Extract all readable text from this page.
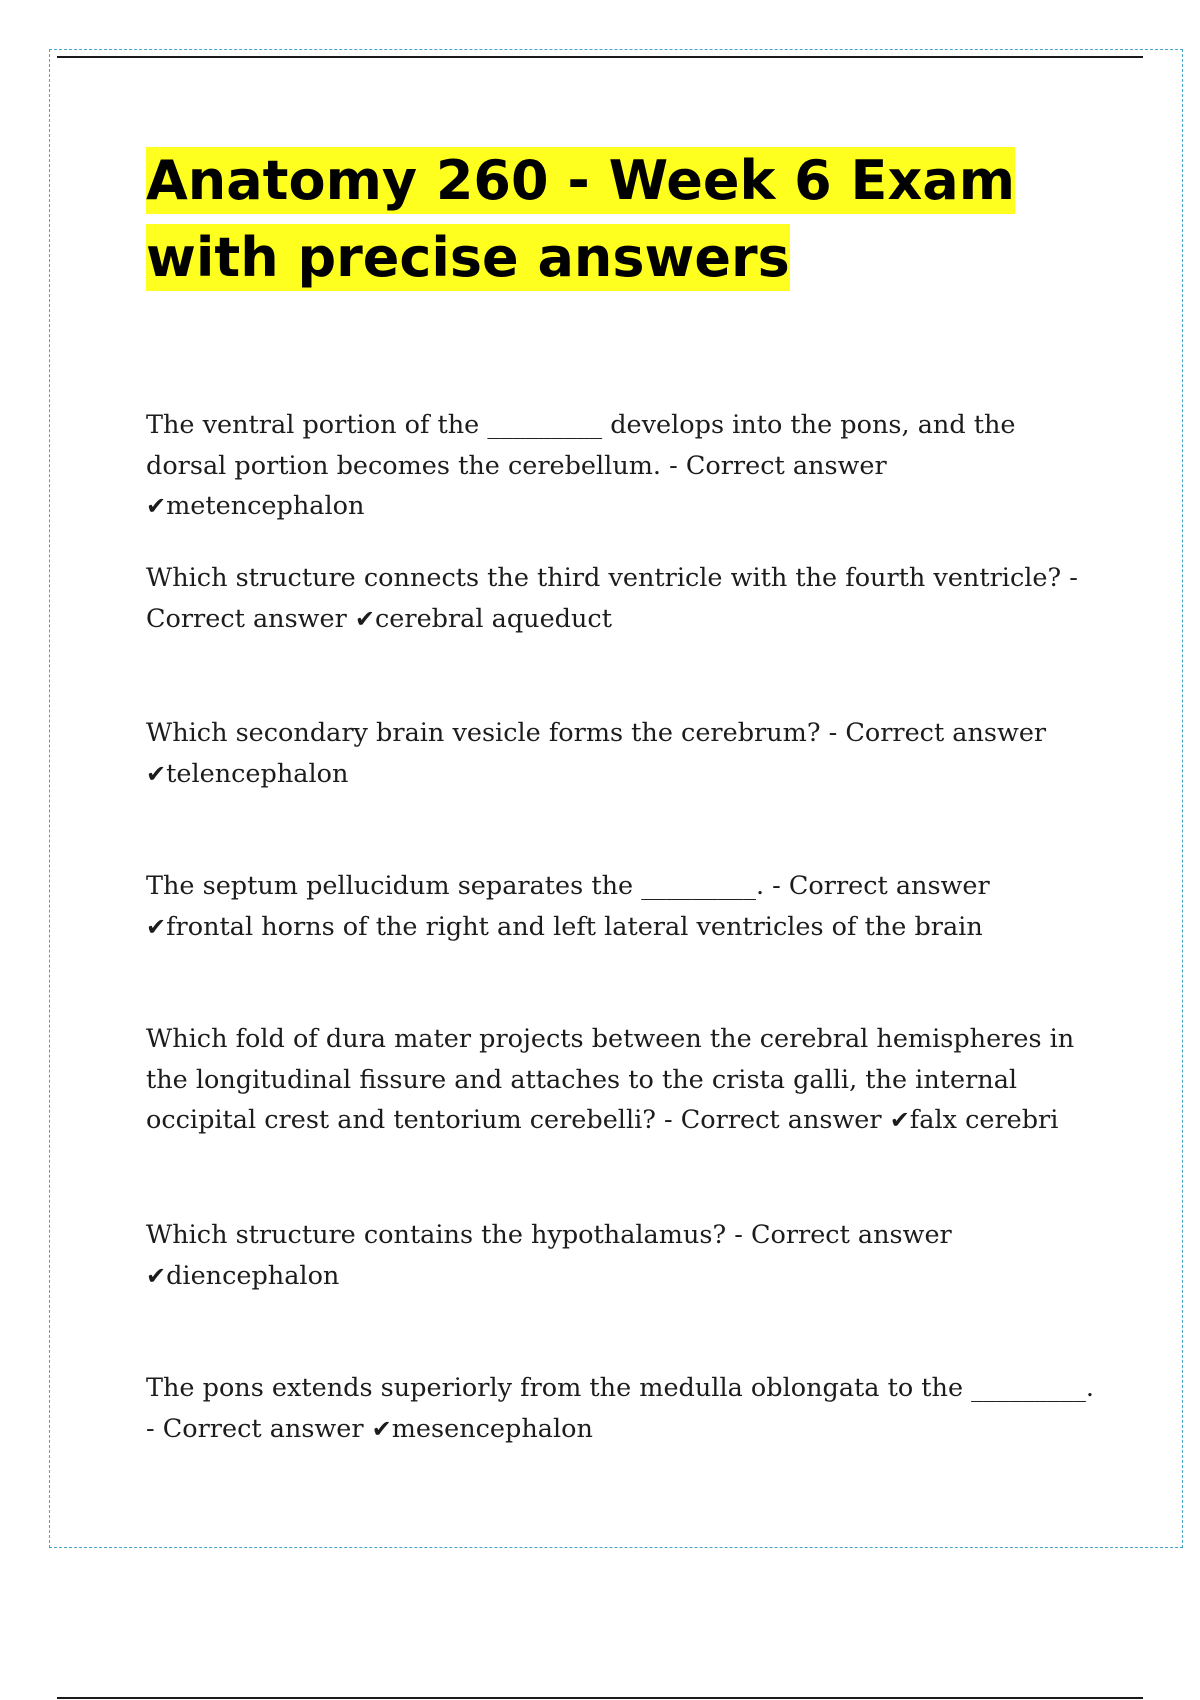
Anatomy 260 - Week 6 Exam with precise answers

The ventral portion of the _________ develops into the pons, and the dorsal portion becomes the cerebellum. - Correct answer ✔metencephalon

Which structure connects the third ventricle with the fourth ventricle? - Correct answer ✔cerebral aqueduct

Which secondary brain vesicle forms the cerebrum? - Correct answer ✔telencephalon

The septum pellucidum separates the _________. - Correct answer ✔frontal horns of the right and left lateral ventricles of the brain

Which fold of dura mater projects between the cerebral hemispheres in the longitudinal fissure and attaches to the crista galli, the internal occipital crest and tentorium cerebelli? - Correct answer ✔falx cerebri

Which structure contains the hypothalamus? - Correct answer ✔diencephalon

The pons extends superiorly from the medulla oblongata to the _________. - Correct answer ✔mesencephalon
